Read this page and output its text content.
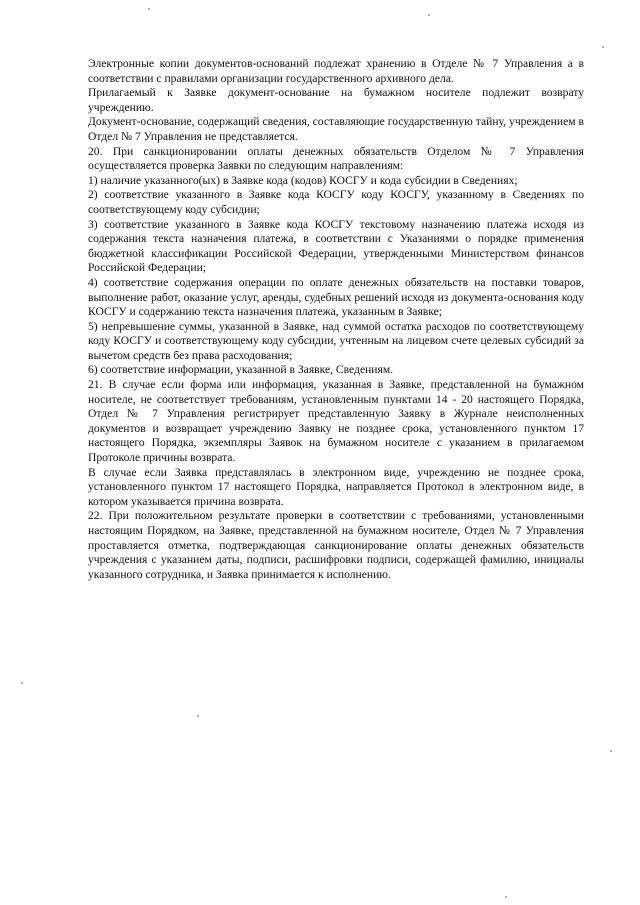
Электронные копии документов-оснований подлежат хранению в Отделе № 7 Управления а в соответствии с правилами организации государственного архивного дела.

Прилагаемый к Заявке документ-основание на бумажном носителе подлежит возврату учреждению.

Документ-основание, содержащий сведения, составляющие государственную тайну, учреждением в Отдел № 7 Управления не представляется.

20. При санкционировании оплаты денежных обязательств Отделом № 7 Управления осуществляется проверка Заявки по следующим направлениям:

1) наличие указанного(ых) в Заявке кода (кодов) КОСГУ и кода субсидии в Сведениях;

2) соответствие указанного в Заявке кода КОСГУ коду КОСГУ, указанному в Сведениях по соответствующему коду субсидии;

3) соответствие указанного в Заявке кода КОСГУ текстовому назначению платежа исходя из содержания текста назначения платежа, в соответствии с Указаниями о порядке применения бюджетной классификации Российской Федерации, утвержденными Министерством финансов Российской Федерации;

4) соответствие содержания операции по оплате денежных обязательств на поставки товаров, выполнение работ, оказание услуг, аренды, судебных решений исходя из документа-основания коду КОСГУ и содержанию текста назначения платежа, указанным в Заявке;

5) непревышение суммы, указанной в Заявке, над суммой остатка расходов по соответствующему коду КОСГУ и соответствующему коду субсидии, учтенным на лицевом счете целевых субсидий за вычетом средств без права расходования;

6) соответствие информации, указанной в Заявке, Сведениям.

21. В случае если форма или информация, указанная в Заявке, представленной на бумажном носителе, не соответствует требованиям, установленным пунктами 14 - 20 настоящего Порядка, Отдел № 7 Управления регистрирует представленную Заявку в Журнале неисполненных документов и возвращает учреждению Заявку не позднее срока, установленного пунктом 17 настоящего Порядка, экземпляры Заявок на бумажном носителе с указанием в прилагаемом Протоколе причины возврата.

В случае если Заявка представлялась в электронном виде, учреждению не позднее срока, установленного пунктом 17 настоящего Порядка, направляется Протокол в электронном виде, в котором указывается причина возврата.

22. При положительном результате проверки в соответствии с требованиями, установленными настоящим Порядком, на Заявке, представленной на бумажном носителе, Отдел № 7 Управления проставляется отметка, подтверждающая санкционирование оплаты денежных обязательств учреждения с указанием даты, подписи, расшифровки подписи, содержащей фамилию, инициалы указанного сотрудника, и Заявка принимается к исполнению.
